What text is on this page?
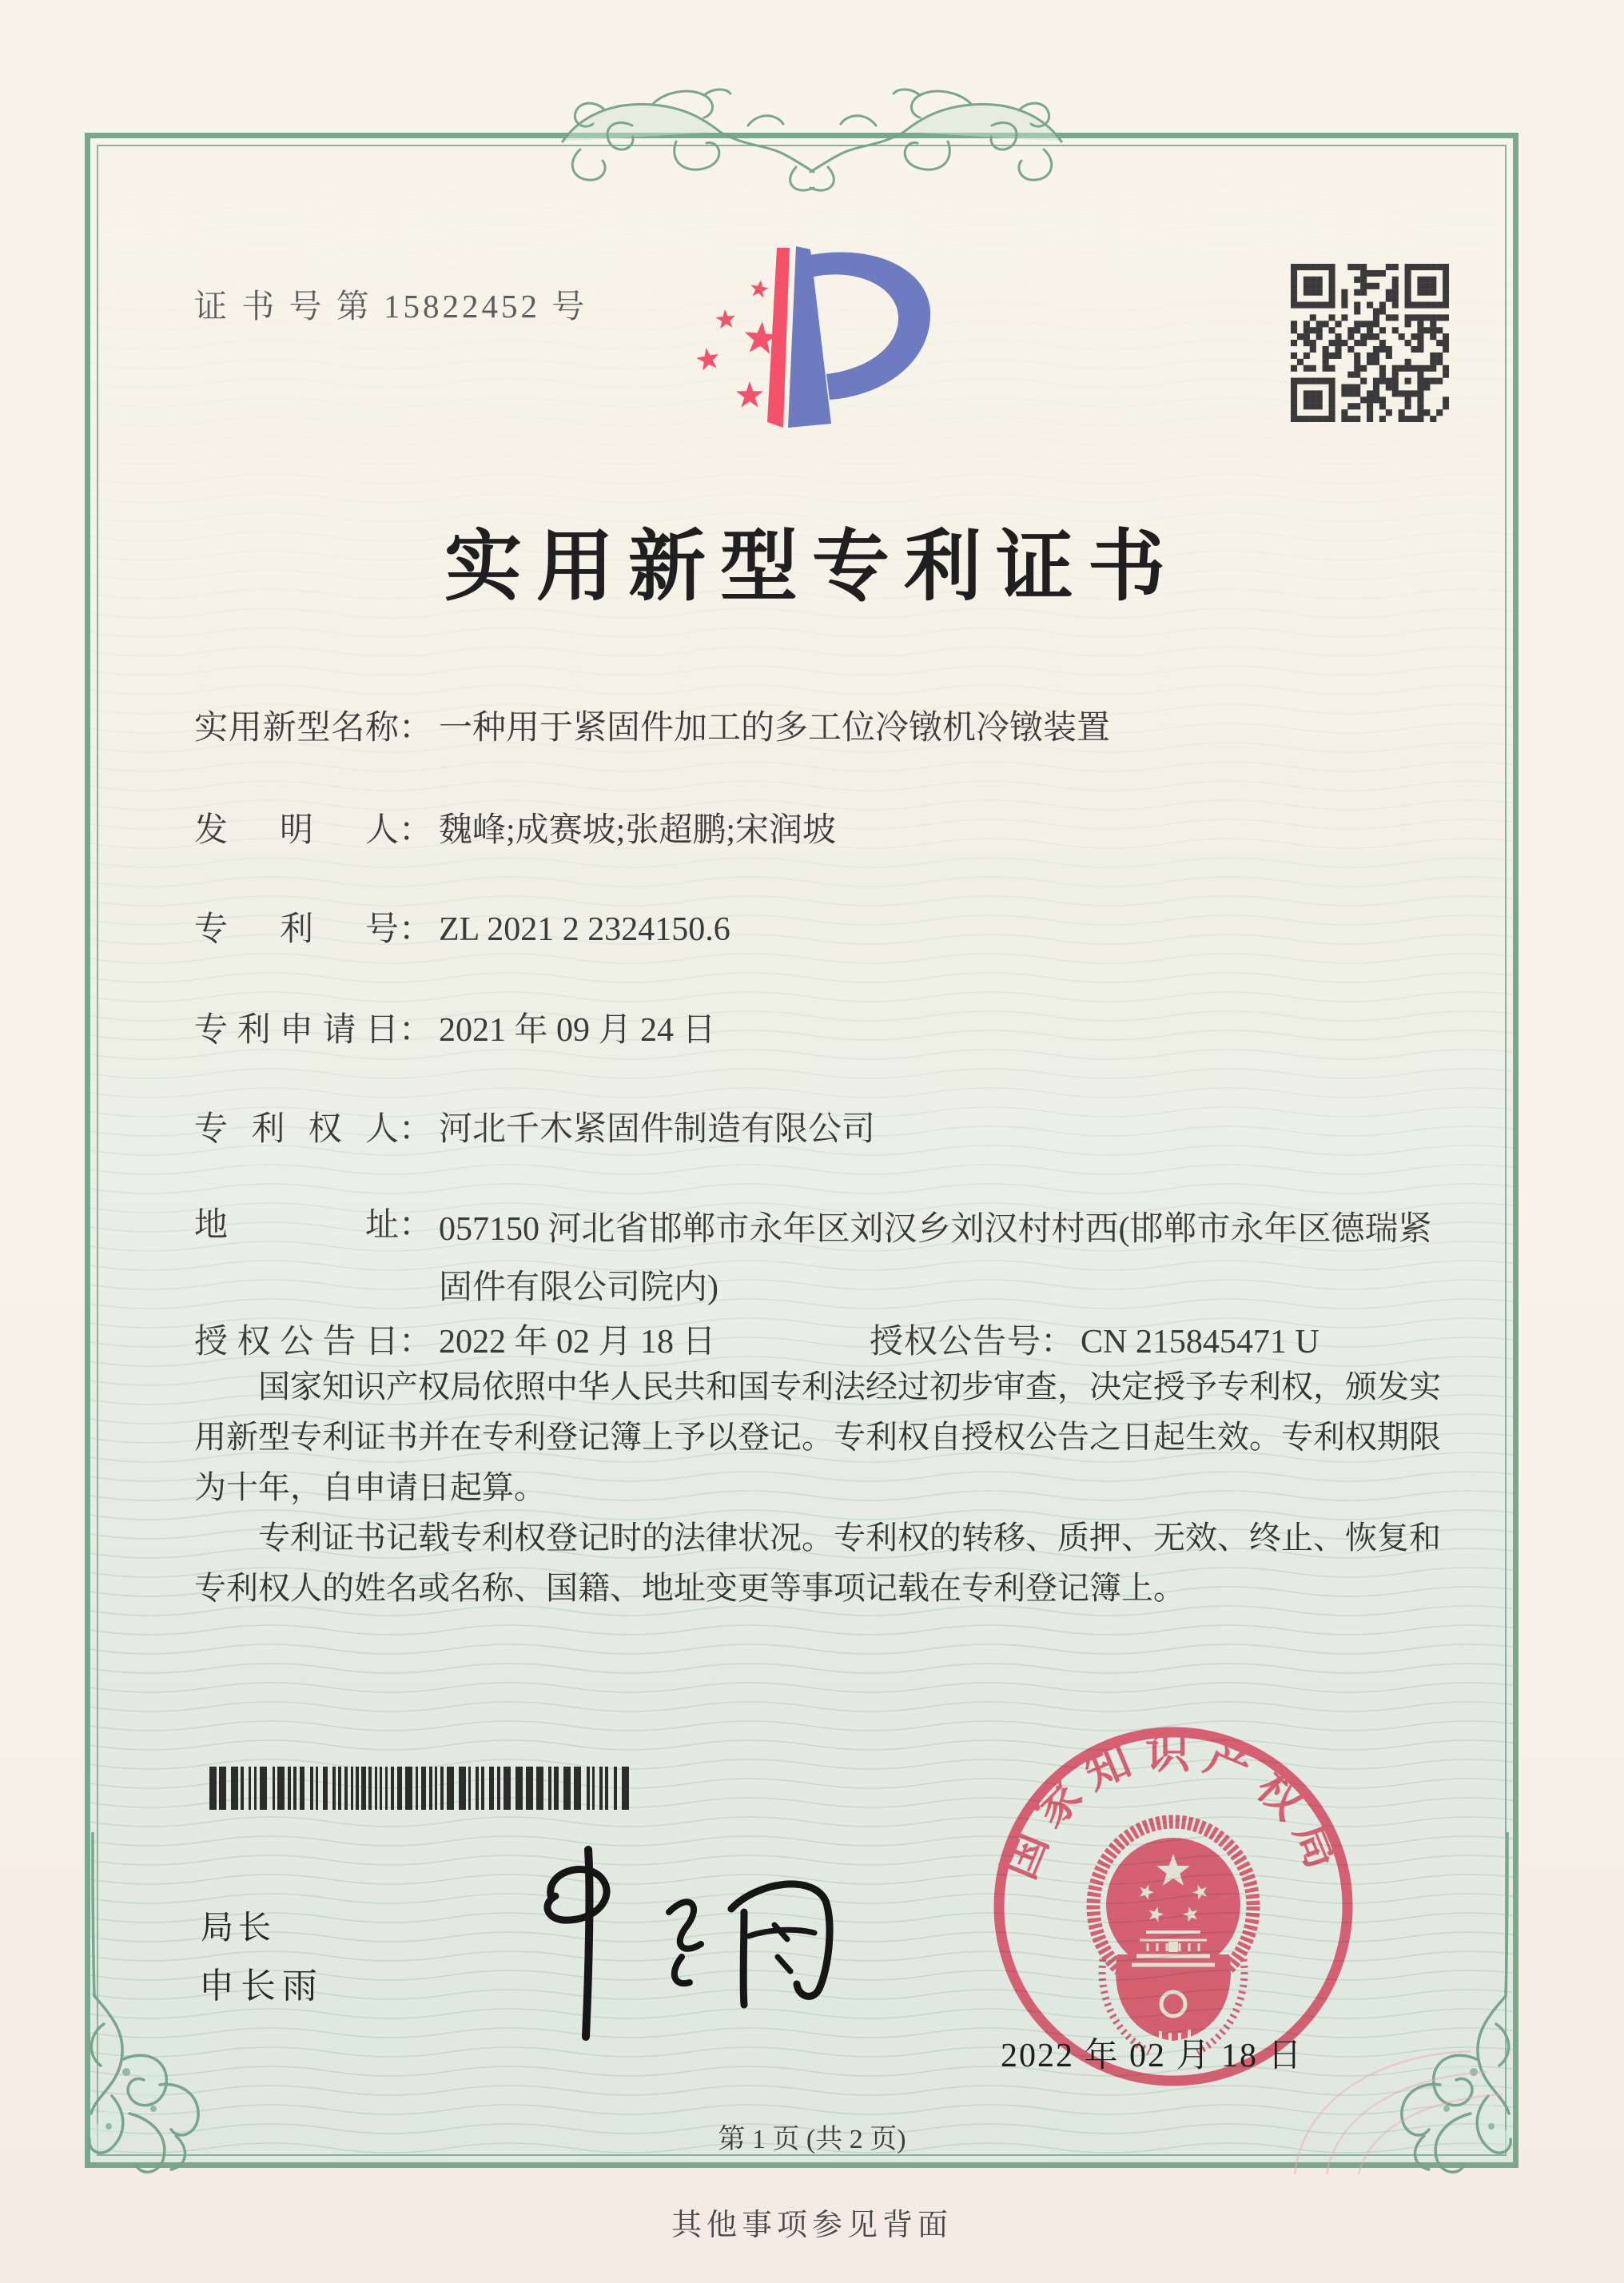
证 书 号 第 15822452 号
实用新型专利证书
实用新型名称 ： 一种用于紧固件加工的多工位冷镦机冷镦装置
发明人 ： 魏峰;成赛坡;张超鹏;宋润坡
专利号 ： ZL 2021 2 2324150.6
专利申请日 ： 2021 年 09 月 24 日
专利权人 ： 河北千木紧固件制造有限公司
地址 ： 057150 河北省邯郸市永年区刘汉乡刘汉村村西(邯郸市永年区德瑞紧固件有限公司院内)
授权公告日 ： 2022 年 02 月 18 日	授权公告号 ： CN 215845471 U

国家知识产权局依照中华人民共和国专利法经过初步审查，决定授予专利权，颁发实用新型专利证书并在专利登记簿上予以登记。专利权自授权公告之日起生效。专利权期限为十年，自申请日起算。

专利证书记载专利权登记时的法律状况。专利权的转移、质押、无效、终止、恢复和专利权人的姓名或名称、国籍、地址变更等事项记载在专利登记簿上。

局长
申长雨
国家知识产权局
2022 年 02 月 18 日
第 1 页 (共 2 页)
其他事项参见背面
